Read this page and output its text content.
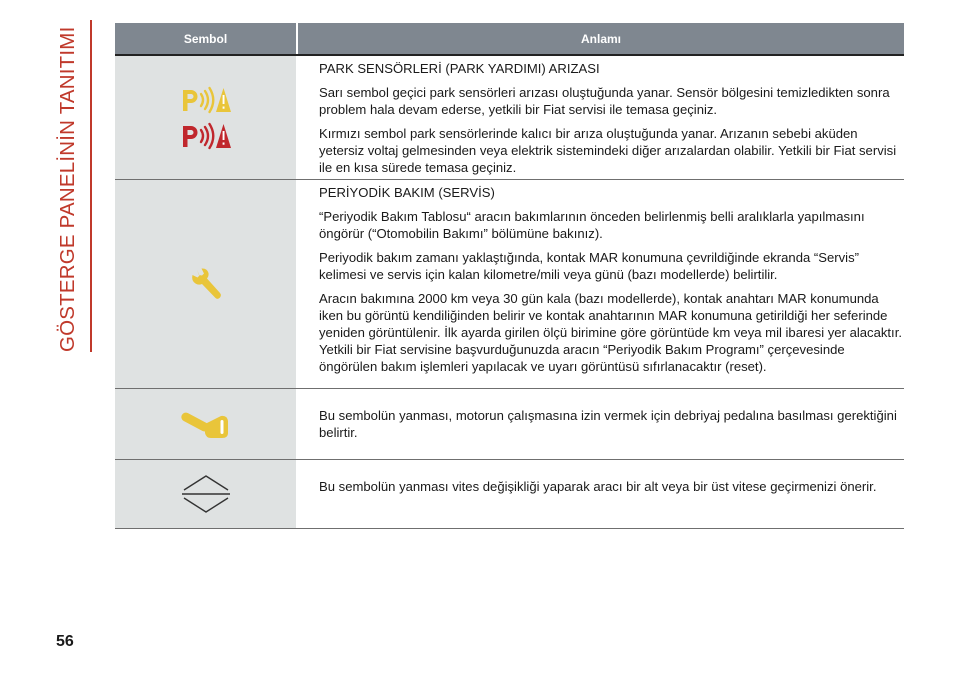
GÖSTERGE PANELİNİN TANITIMI	Sembol	Anlamı

PARK SENSÖRLERİ (PARK YARDIMI) ARIZASI

Sarı sembol geçici park sensörleri arızası oluştuğunda yanar. Sensör bölgesini temizledikten sonra problem hala devam ederse, yetkili bir Fiat servisi ile temasa geçiniz.

Kırmızı sembol park sensörlerinde kalıcı bir arıza oluştuğunda yanar. Arızanın sebebi aküden yetersiz voltaj gelmesinden veya elektrik sistemindeki diğer arızalardan olabilir. Yetkili bir Fiat servisi ile en kısa sürede temasa geçiniz.

PERİYODİK BAKIM (SERVİS)

“Periyodik Bakım Tablosu“ aracın bakımlarının önceden belirlenmiş belli aralıklarla yapılmasını öngörür (“Otomobilin Bakımı” bölümüne bakınız).

Periyodik bakım zamanı yaklaştığında, kontak MAR konumuna çevrildiğinde ekranda “Servis” kelimesi ve servis için kalan kilometre/mili veya günü (bazı modellerde) belirtilir.

Aracın bakımına 2000 km veya 30 gün kala (bazı modellerde), kontak anahtarı MAR konumunda iken bu görüntü kendiliğinden belirir ve kontak anahtarının MAR konumuna getirildiği her seferinde yeniden görüntülenir. İlk ayarda girilen ölçü birimine göre görüntüde km veya mil ibaresi yer alacaktır. Yetkili bir Fiat servisine başvurduğunuzda aracın “Periyodik Bakım Programı” çerçevesinde öngörülen bakım işlemleri yapılacak ve uyarı görüntüsü sıfırlanacaktır (reset).

Bu sembolün yanması, motorun çalışmasına izin vermek için debriyaj pedalına basılması gerektiğini belirtir.

Bu sembolün yanması vites değişikliği yaparak aracı bir alt veya bir üst vitese geçirmenizi önerir.

56
